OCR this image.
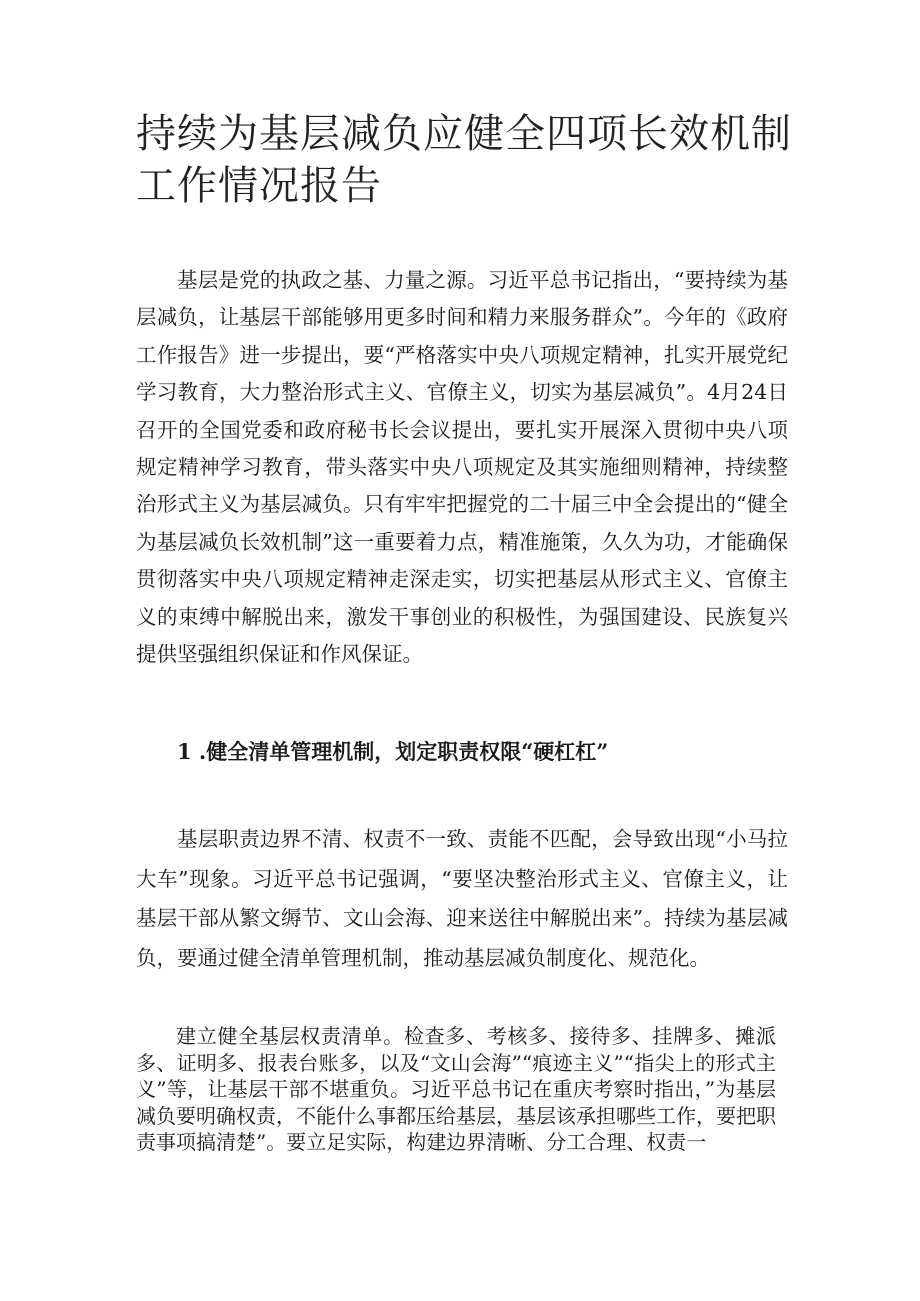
持续为基层减负应健全四项长效机制工作情况报告

基层是党的执政之基、力量之源。习近平总书记指出，“要持续为基层减负，让基层干部能够用更多时间和精力来服务群众”。今年的《政府工作报告》进一步提出，要“严格落实中央八项规定精神，扎实开展党纪学习教育，大力整治形式主义、官僚主义，切实为基层减负”。4月24日召开的全国党委和政府秘书长会议提出，要扎实开展深入贯彻中央八项规定精神学习教育，带头落实中央八项规定及其实施细则精神，持续整治形式主义为基层减负。只有牢牢把握党的二十届三中全会提出的“健全为基层减负长效机制”这一重要着力点，精准施策，久久为功，才能确保贯彻落实中央八项规定精神走深走实，切实把基层从形式主义、官僚主义的束缚中解脱出来，激发干事创业的积极性，为强国建设、民族复兴提供坚强组织保证和作风保证。

1 .健全清单管理机制，划定职责权限“硬杠杠”

基层职责边界不清、权责不一致、责能不匹配，会导致出现“小马拉大车”现象。习近平总书记强调，“要坚决整治形式主义、官僚主义，让基层干部从繁文缛节、文山会海、迎来送往中解脱出来”。持续为基层减负，要通过健全清单管理机制，推动基层减负制度化、规范化。

建立健全基层权责清单。检查多、考核多、接待多、挂牌多、摊派多、证明多、报表台账多，以及“文山会海”“痕迹主义”“指尖上的形式主义”等，让基层干部不堪重负。习近平总书记在重庆考察时指出，”为基层减负要明确权责，不能什么事都压给基层，基层该承担哪些工作，要把职责事项搞清楚”。要立足实际，构建边界清晰、分工合理、权责一
